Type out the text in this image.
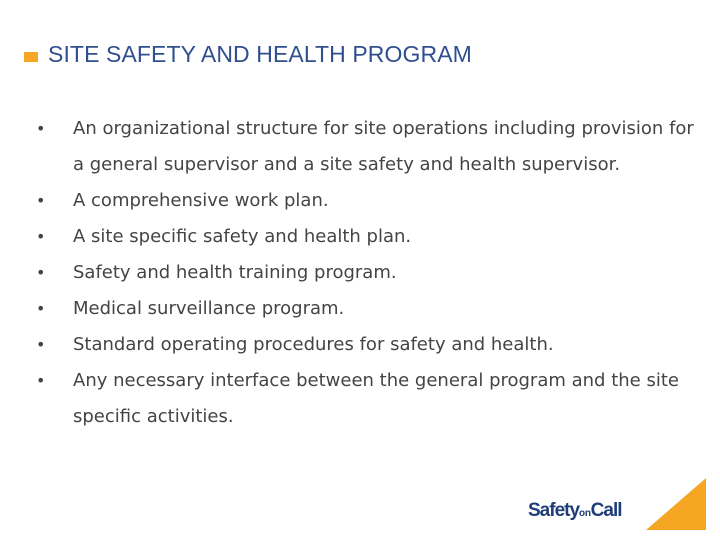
SITE SAFETY AND HEALTH PROGRAM
• An organizational structure for site operations including provision for a general supervisor and a site safety and health supervisor.
• A comprehensive work plan.
• A site specific safety and health plan.
• Safety and health training program.
• Medical surveillance program.
• Standard operating procedures for safety and health.
• Any necessary interface between the general program and the site specific activities.
SafetyonCall
